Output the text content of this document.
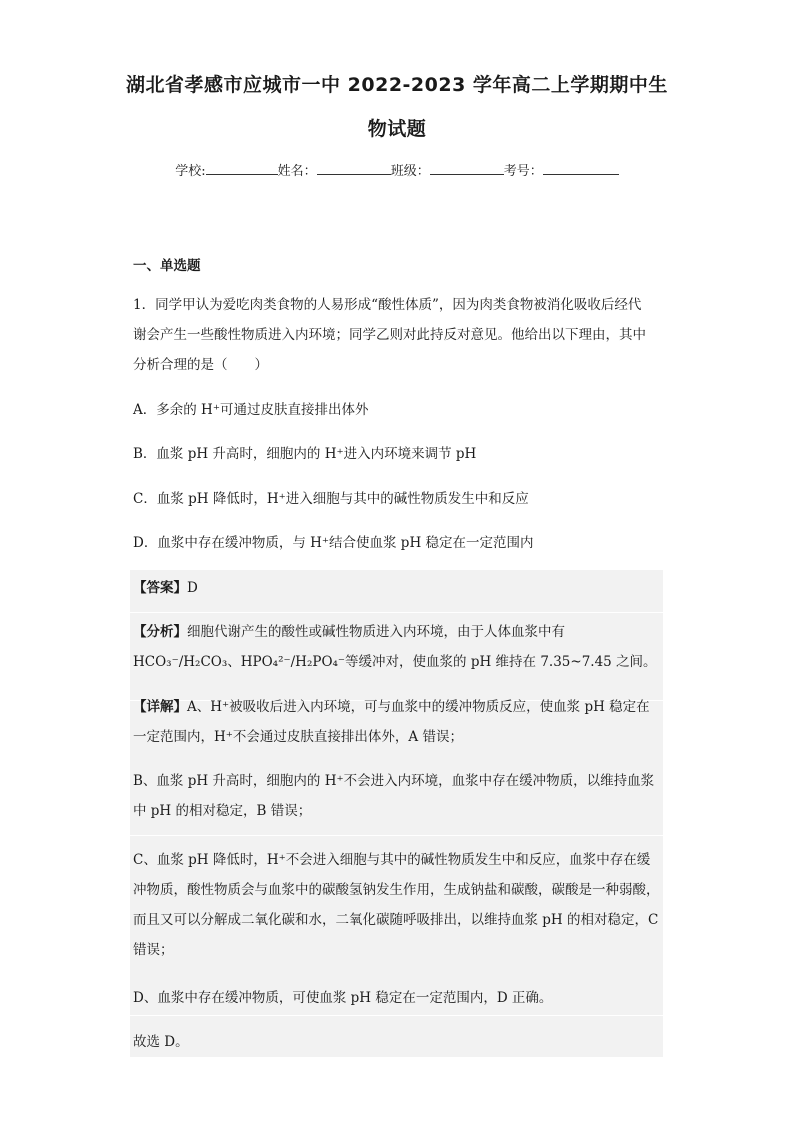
湖北省孝感市应城市一中 2022-2023 学年高二上学期期中生
物试题
学校:	姓名：	班级：	考号：
一、单选题
1．同学甲认为爱吃肉类食物的人易形成“酸性体质”，因为肉类食物被消化吸收后经代
谢会产生一些酸性物质进入内环境；同学乙则对此持反对意见。他给出以下理由，其中
分析合理的是（　　）
A．多余的 H⁺可通过皮肤直接排出体外
B．血浆 pH 升高时，细胞内的 H⁺进入内环境来调节 pH
C．血浆 pH 降低时，H⁺进入细胞与其中的碱性物质发生中和反应
D．血浆中存在缓冲物质，与 H⁺结合使血浆 pH 稳定在一定范围内
【答案】D
【分析】细胞代谢产生的酸性或碱性物质进入内环境，由于人体血浆中有
HCO₃⁻/H₂CO₃、HPO₄²⁻/H₂PO₄⁻等缓冲对，使血浆的 pH 维持在 7.35~7.45 之间。
【详解】A、H⁺被吸收后进入内环境，可与血浆中的缓冲物质反应，使血浆 pH 稳定在
一定范围内，H⁺不会通过皮肤直接排出体外，A 错误；
B、血浆 pH 升高时，细胞内的 H⁺不会进入内环境，血浆中存在缓冲物质，以维持血浆
中 pH 的相对稳定，B 错误；
C、血浆 pH 降低时，H⁺不会进入细胞与其中的碱性物质发生中和反应，血浆中存在缓
冲物质，酸性物质会与血浆中的碳酸氢钠发生作用，生成钠盐和碳酸，碳酸是一种弱酸，
而且又可以分解成二氧化碳和水，二氧化碳随呼吸排出，以维持血浆 pH 的相对稳定，C
错误；
D、血浆中存在缓冲物质，可使血浆 pH 稳定在一定范围内，D 正确。
故选 D。
